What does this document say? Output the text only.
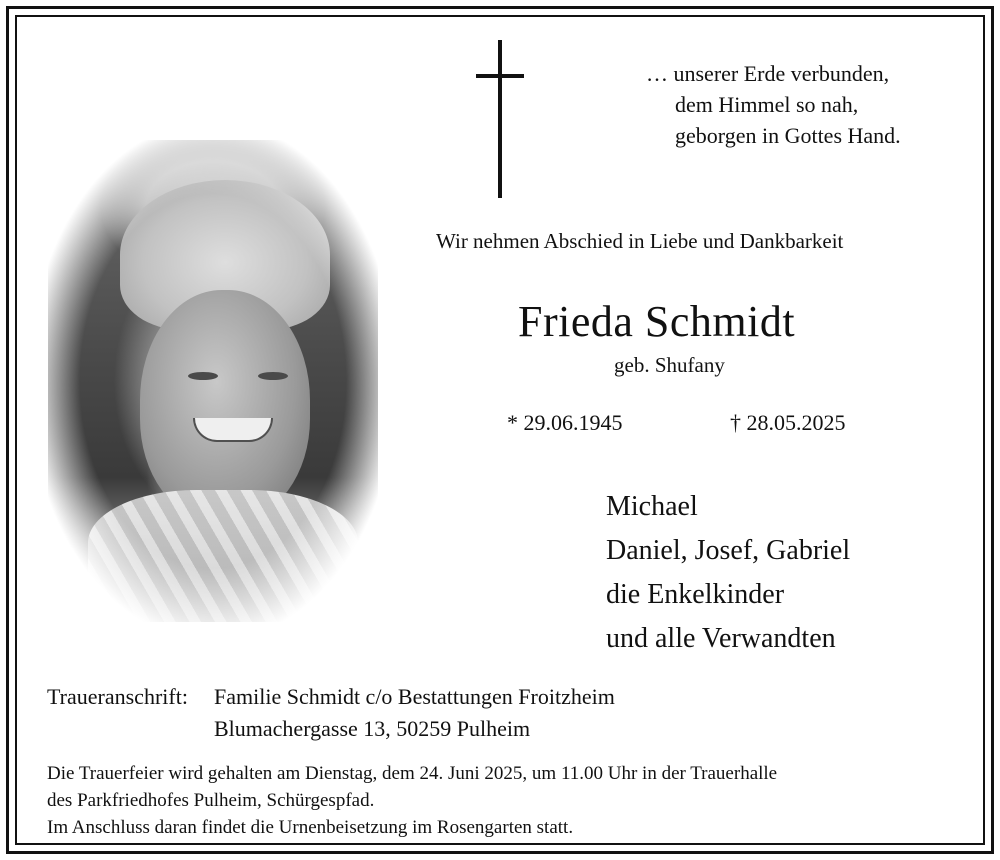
… unserer Erde verbunden,
dem Himmel so nah,
geborgen in Gottes Hand.
Wir nehmen Abschied in Liebe und Dankbarkeit
Frieda Schmidt
geb. Shufany
* 29.06.1945	† 28.05.2025
Michael
Daniel, Josef, Gabriel
die Enkelkinder
und alle Verwandten
Traueranschrift: Familie Schmidt c/o Bestattungen Froitzheim
Blumachergasse 13, 50259 Pulheim
Die Trauerfeier wird gehalten am Dienstag, dem 24. Juni 2025, um 11.00 Uhr in der Trauerhalle
des Parkfriedhofes Pulheim, Schürgespfad.
Im Anschluss daran findet die Urnenbeisetzung im Rosengarten statt.
